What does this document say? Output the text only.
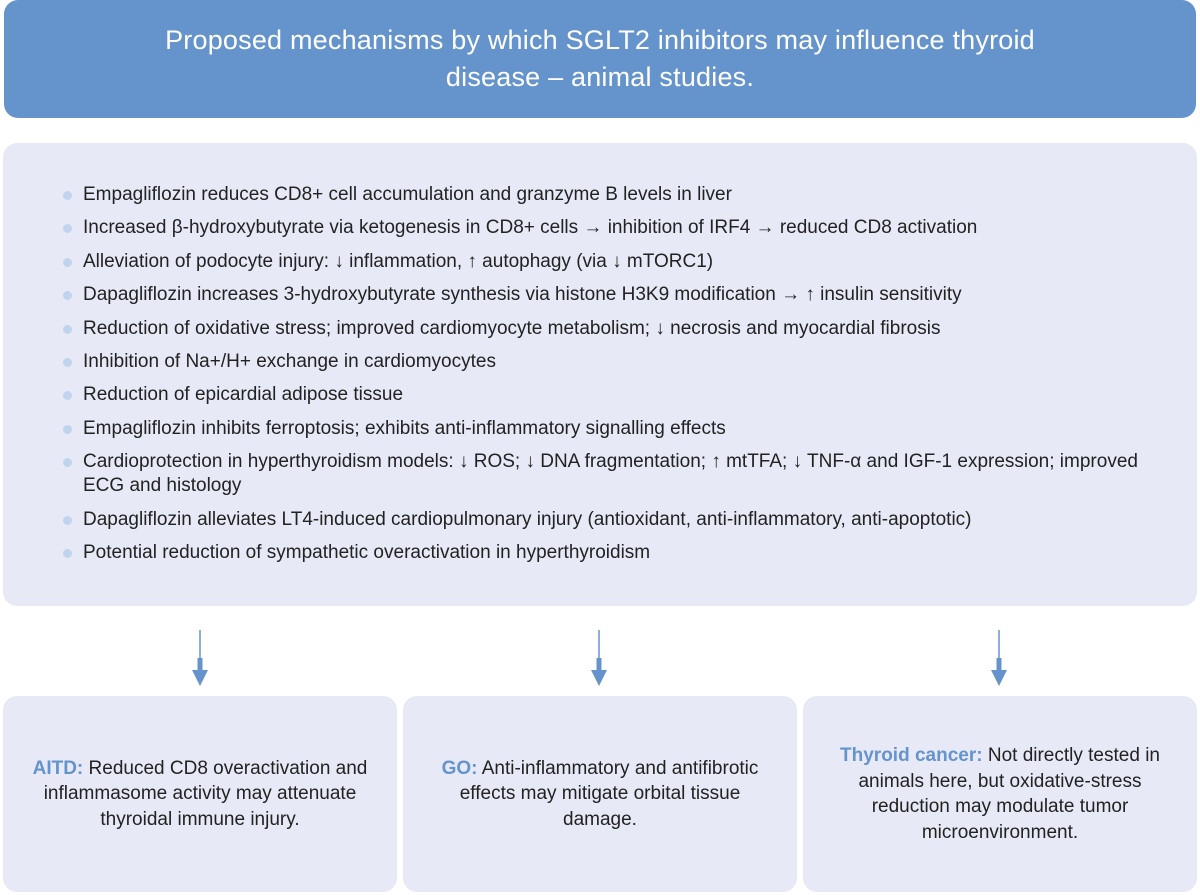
Proposed mechanisms by which SGLT2 inhibitors may influence thyroid disease – animal studies.
Empagliflozin reduces CD8+ cell accumulation and granzyme B levels in liver
Increased β-hydroxybutyrate via ketogenesis in CD8+ cells → inhibition of IRF4 → reduced CD8 activation
Alleviation of podocyte injury: ↓ inflammation, ↑ autophagy (via ↓ mTORC1)
Dapagliflozin increases 3-hydroxybutyrate synthesis via histone H3K9 modification → ↑ insulin sensitivity
Reduction of oxidative stress; improved cardiomyocyte metabolism; ↓ necrosis and myocardial fibrosis
Inhibition of Na+/H+ exchange in cardiomyocytes
Reduction of epicardial adipose tissue
Empagliflozin inhibits ferroptosis; exhibits anti-inflammatory signalling effects
Cardioprotection in hyperthyroidism models: ↓ ROS; ↓ DNA fragmentation; ↑ mtTFA; ↓ TNF-α and IGF-1 expression; improved ECG and histology
Dapagliflozin alleviates LT4-induced cardiopulmonary injury (antioxidant, anti-inflammatory, anti-apoptotic)
Potential reduction of sympathetic overactivation in hyperthyroidism
AITD: Reduced CD8 overactivation and inflammasome activity may attenuate thyroidal immune injury.
GO: Anti-inflammatory and antifibrotic effects may mitigate orbital tissue damage.
Thyroid cancer: Not directly tested in animals here, but oxidative-stress reduction may modulate tumor microenvironment.
